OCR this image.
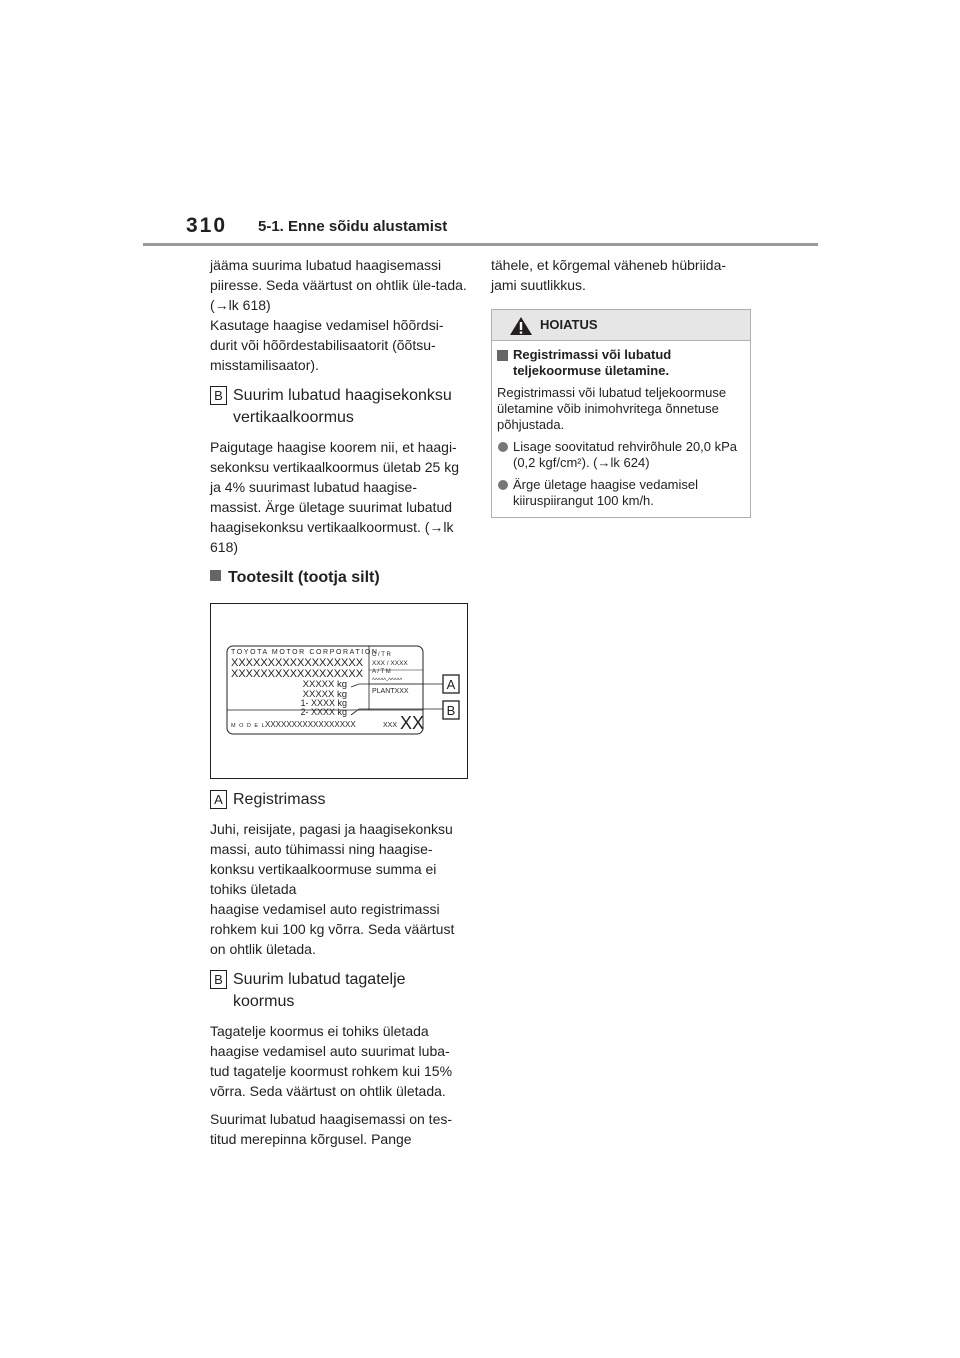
310 5-1. Enne sõidu alustamist

jääma suurima lubatud haagisemassi piiresse. Seda väärtust on ohtlik üle-tada. (→lk 618)

Kasutage haagise vedamisel hõõrdsi-durit või hõõrdestabilisaatorit (õõtsu-misstamilisaator).

B Suurim lubatud haagisekonksu vertikaalkoormus

Paigutage haagise koorem nii, et haagi-sekonksu vertikaalkoormus ületab 25 kg ja 4% suurimast lubatud haagise-massist. Ärge ületage suurimat lubatud haagisekonksu vertikaalkoormust. (→lk 618)

Tootesilt (tootja silt)
TOYOTA MOTOR CORPORATION
XXXXXXXXXXXXXXXXXX
XXXXXXXXXXXXXXXXXX
XXXXX kg
XXXXX kg
1- XXXX kg
2- XXXX kg
C / T R
XXX / XXXX
A / T M
^^^^^-^^^^^
PLANTXXX
M O D E L XXXXXXXXXXXXXXXXX	XXX XX
A
B
A Registrimass

Juhi, reisijate, pagasi ja haagisekonksu massi, auto tühimassi ning haagise-konksu vertikaalkoormuse summa ei tohiks ületada

haagise vedamisel auto registrimassi rohkem kui 100 kg võrra. Seda väärtust on ohtlik ületada.

B Suurim lubatud tagatelje koormus

Tagatelje koormus ei tohiks ületada haagise vedamisel auto suurimat luba-tud tagatelje koormust rohkem kui 15% võrra. Seda väärtust on ohtlik ületada.

Suurimat lubatud haagisemassi on tes-titud merepinna kõrgusel. Pange

tähele, et kõrgemal väheneb hübriida-jami suutlikkus.

HOIATUS

Registrimassi või lubatud teljekoormuse ületamine.

Registrimassi või lubatud teljekoormuse ületamine võib inimohvritega õnnetuse põhjustada.

Lisage soovitatud rehvirõhule 20,0 kPa (0,2 kgf/cm²). (→lk 624)

Ärge ületage haagise vedamisel kiiruspiirangut 100 km/h.
